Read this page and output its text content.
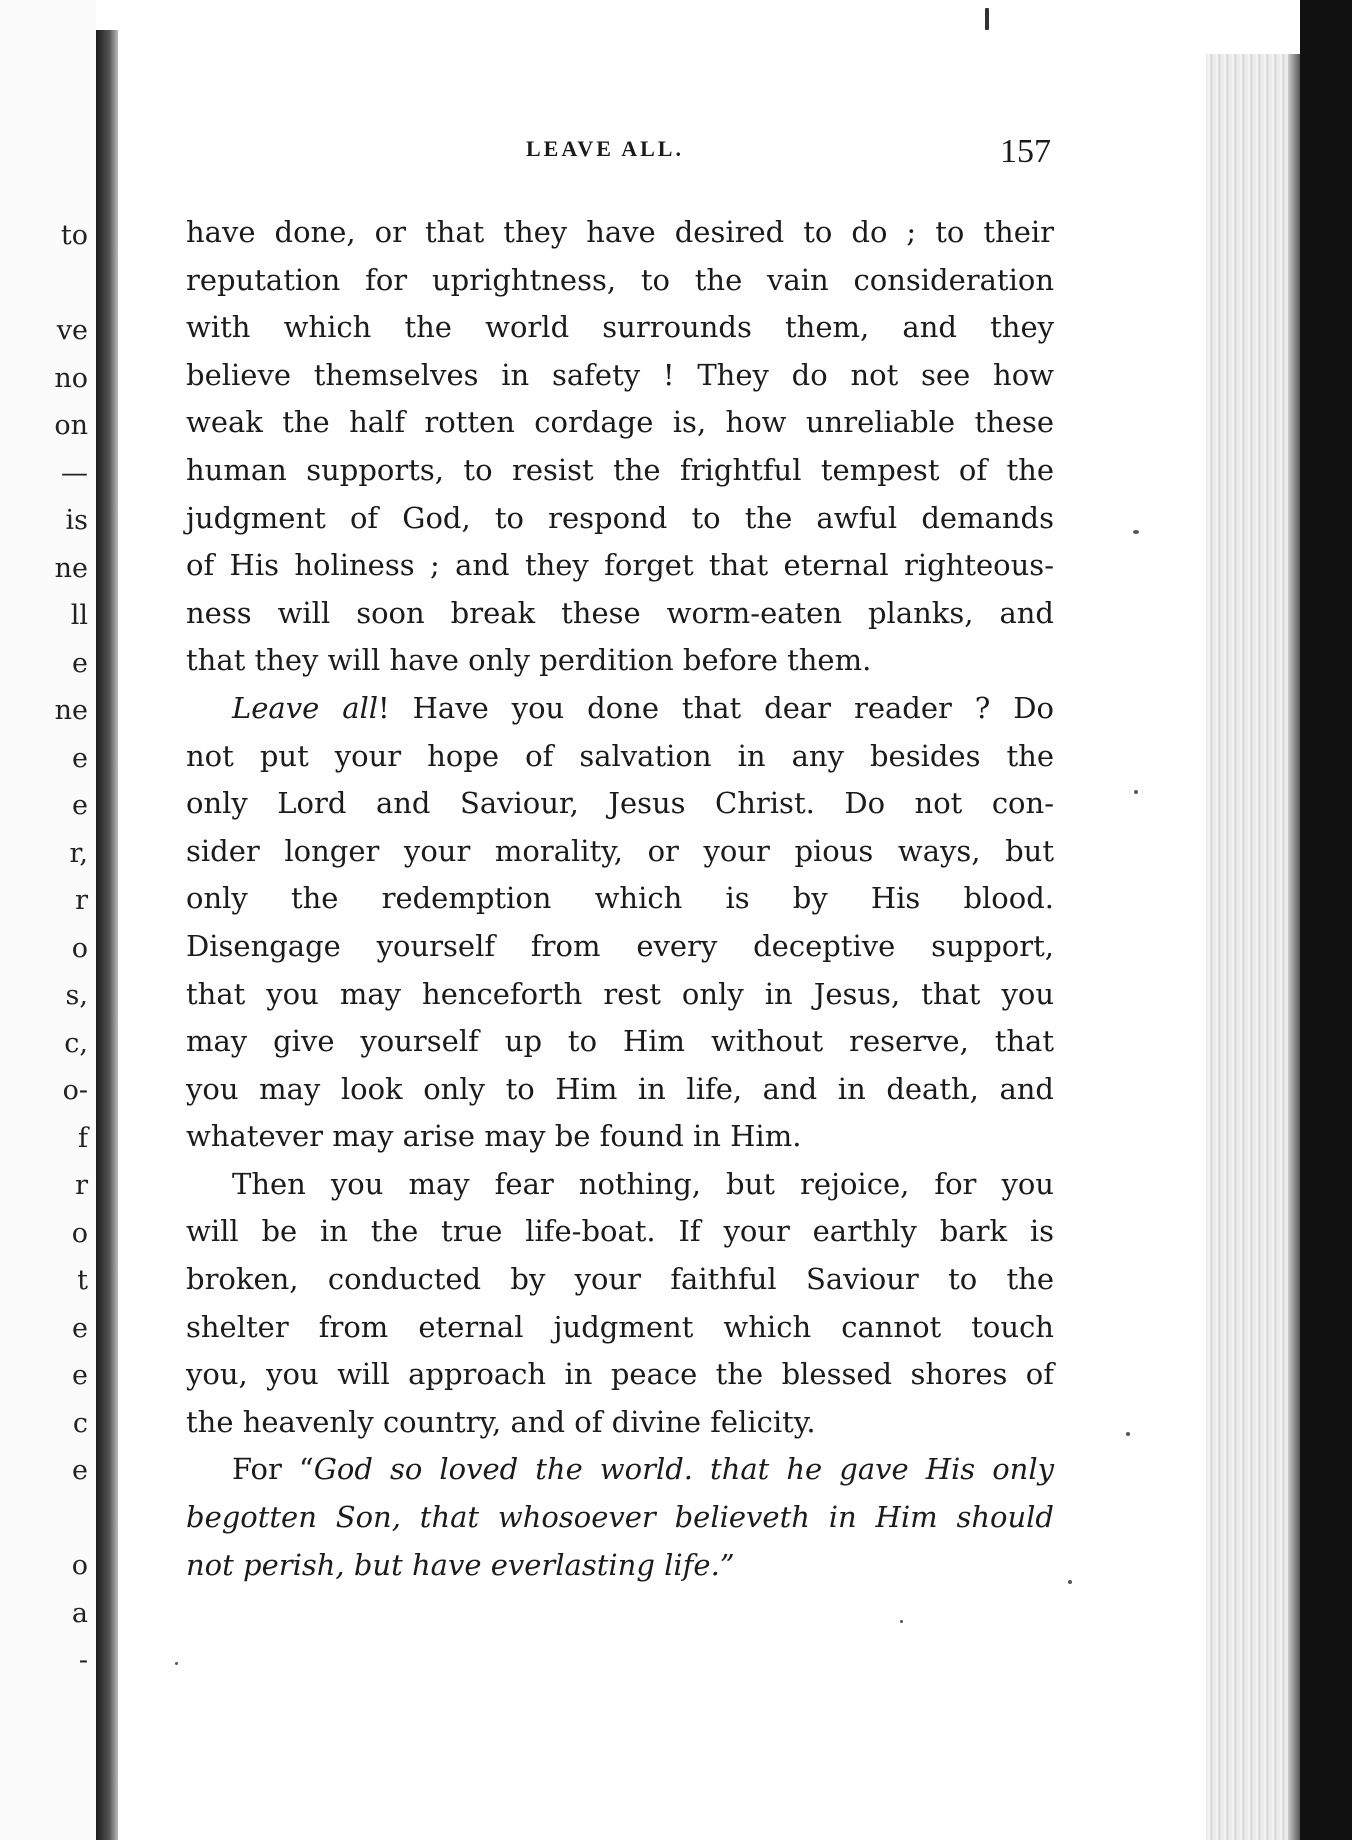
to
ve
no
on
—
is
ne
ll
e
ne
e
e
r,
r
o
s,
c,
o-
f
r
o
t
e
e
c
e
o
a
-
LEAVE ALL.	157
have done, or that they have desired to do ; to their
reputation for uprightness, to the vain consideration
with which the world surrounds them, and they
believe themselves in safety ! They do not see how
weak the half rotten cordage is, how unreliable these
human supports, to resist the frightful tempest of the
judgment of God, to respond to the awful demands
of His holiness ; and they forget that eternal righteous-
ness will soon break these worm-eaten planks, and
that they will have only perdition before them.
Leave all! Have you done that dear reader ? Do
not put your hope of salvation in any besides the
only Lord and Saviour, Jesus Christ. Do not con-
sider longer your morality, or your pious ways, but
only the redemption which is by His blood.
Disengage yourself from every deceptive support,
that you may henceforth rest only in Jesus, that you
may give yourself up to Him without reserve, that
you may look only to Him in life, and in death, and
whatever may arise may be found in Him.
Then you may fear nothing, but rejoice, for you
will be in the true life-boat. If your earthly bark is
broken, conducted by your faithful Saviour to the
shelter from eternal judgment which cannot touch
you, you will approach in peace the blessed shores of
the heavenly country, and of divine felicity.
For “God so loved the world. that he gave His only
begotten Son, that whosoever believeth in Him should
not perish, but have everlasting life.”
